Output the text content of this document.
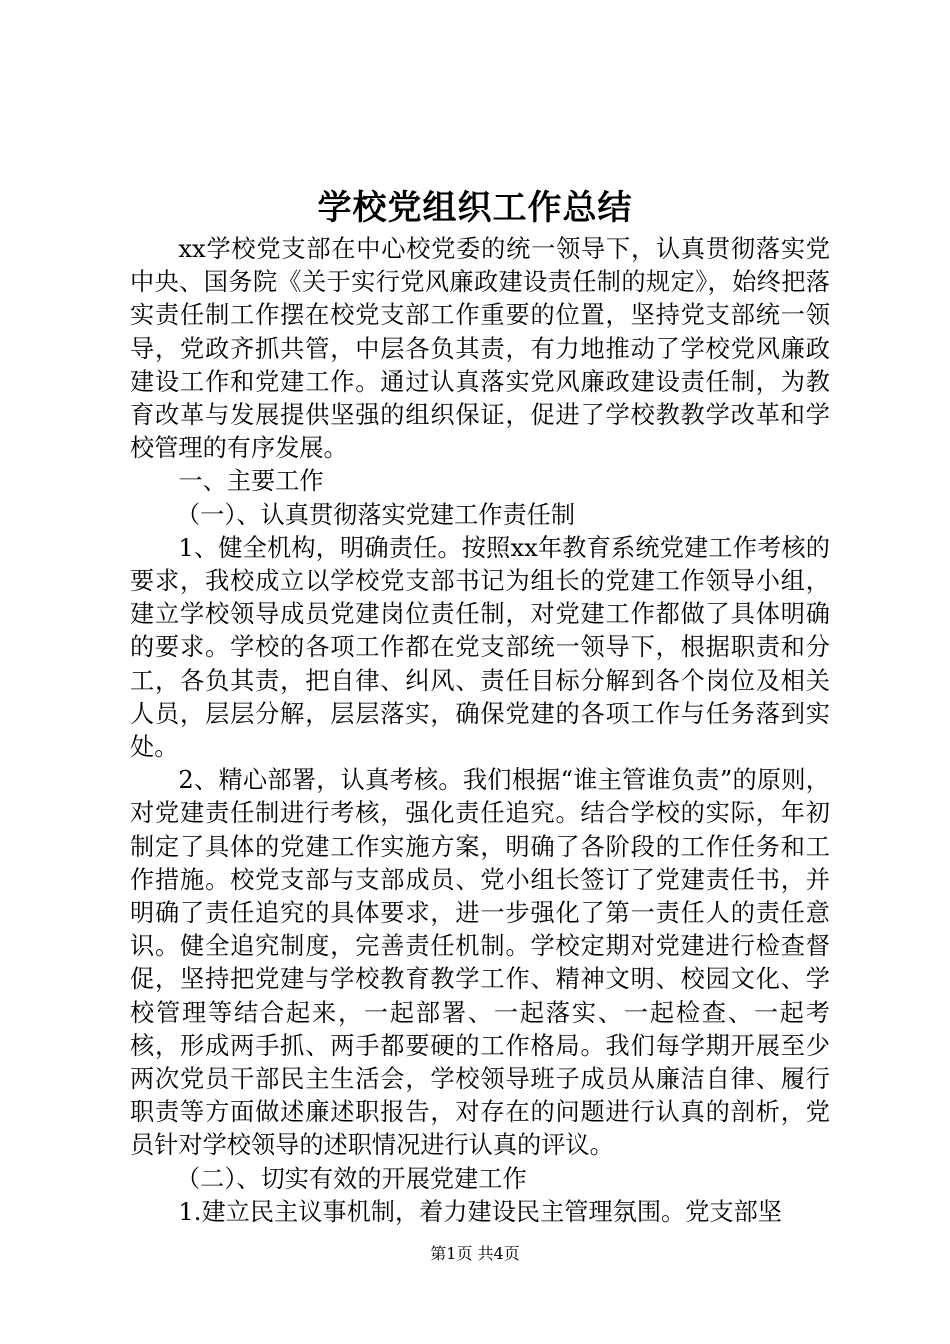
学校党组织工作总结

xx学校党支部在中心校党委的统一领导下，认真贯彻落实党中央、国务院《关于实行党风廉政建设责任制的规定》，始终把落实责任制工作摆在校党支部工作重要的位置，坚持党支部统一领导，党政齐抓共管，中层各负其责，有力地推动了学校党风廉政建设工作和党建工作。通过认真落实党风廉政建设责任制，为教育改革与发展提供坚强的组织保证，促进了学校教教学改革和学校管理的有序发展。

一、主要工作

（一）、认真贯彻落实党建工作责任制

1、健全机构，明确责任。按照xx年教育系统党建工作考核的要求，我校成立以学校党支部书记为组长的党建工作领导小组，建立学校领导成员党建岗位责任制，对党建工作都做了具体明确的要求。学校的各项工作都在党支部统一领导下，根据职责和分工，各负其责，把自律、纠风、责任目标分解到各个岗位及相关人员，层层分解，层层落实，确保党建的各项工作与任务落到实处。

2、精心部署，认真考核。我们根据“谁主管谁负责”的原则，对党建责任制进行考核，强化责任追究。结合学校的实际，年初制定了具体的党建工作实施方案，明确了各阶段的工作任务和工作措施。校党支部与支部成员、党小组长签订了党建责任书，并明确了责任追究的具体要求，进一步强化了第一责任人的责任意识。健全追究制度，完善责任机制。学校定期对党建进行检查督促，坚持把党建与学校教育教学工作、精神文明、校园文化、学校管理等结合起来，一起部署、一起落实、一起检查、一起考核，形成两手抓、两手都要硬的工作格局。我们每学期开展至少两次党员干部民主生活会，学校领导班子成员从廉洁自律、履行职责等方面做述廉述职报告，对存在的问题进行认真的剖析，党员针对学校领导的述职情况进行认真的评议。

（二）、切实有效的开展党建工作

1.建立民主议事机制，着力建设民主管理氛围。党支部坚

第1页 共4页
